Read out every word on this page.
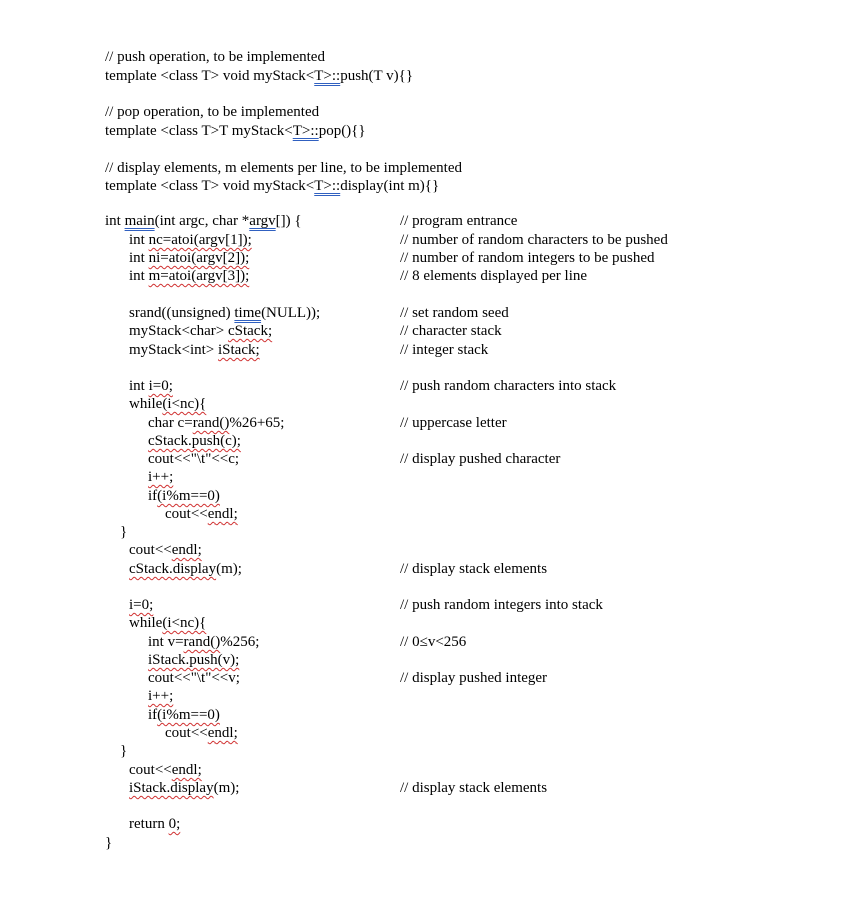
// push operation, to be implemented
template <class T> void myStack<T>::push(T v){}
// pop operation, to be implemented
template <class T>T myStack<T>::pop(){}
// display elements, m elements per line, to be implemented
template <class T> void myStack<T>::display(int m){}
int main(int argc, char *argv[]) {	// program entrance
int nc=atoi(argv[1]);	// number of random characters to be pushed
int ni=atoi(argv[2]);	// number of random integers to be pushed
int m=atoi(argv[3]);	// 8 elements displayed per line
srand((unsigned) time(NULL));	// set random seed
myStack<char> cStack;	// character stack
myStack<int> iStack;	// integer stack
int i=0;	// push random characters into stack
while(i<nc){
char c=rand()%26+65;	// uppercase letter
cStack.push(c);
cout<<"\t"<<c;	// display pushed character
i++;
if(i%m==0)
cout<<endl;
}
cout<<endl;
cStack.display(m);	// display stack elements
i=0;	// push random integers into stack
while(i<nc){
int v=rand()%256;	// 0≤v<256
iStack.push(v);
cout<<"\t"<<v;	// display pushed integer
i++;
if(i%m==0)
cout<<endl;
}
cout<<endl;
iStack.display(m);	// display stack elements
return 0;
}
